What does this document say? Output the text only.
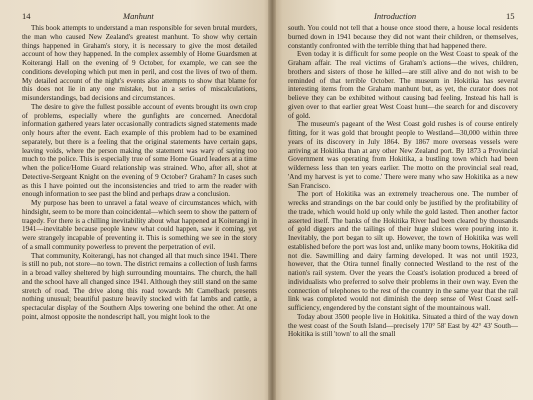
14	Manhunt

This book attempts to understand a man responsible for seven brutal murders, the man who caused New Zealand's greatest manhunt. To show why certain things happened in Graham's story, it is necessary to give the most detailed account of how they happened. In the complex assembly of Home Guardsmen at Koiterangi Hall on the evening of 9 October, for example, we can see the conditions developing which put men in peril, and cost the lives of two of them. My detailed account of the night's events also attempts to show that blame for this does not lie in any one mistake, but in a series of miscalculations, misunderstandings, bad decisions and circumstances.

The desire to give the fullest possible account of events brought its own crop of problems, especially where the gunfights are concerned. Anecdotal information gathered years later occasionally contradicts signed statements made only hours after the event. Each example of this problem had to be examined separately, but there is a feeling that the original statements have certain gaps, leaving voids, where the person making the statement was wary of saying too much to the police. This is especially true of some Home Guard leaders at a time when the police/Home Guard relationship was strained. Who, after all, shot at Detective-Sergeant Knight on the evening of 9 October? Graham? In cases such as this I have pointed out the inconsistencies and tried to arm the reader with enough information to see past the blind and perhaps draw a conclusion.

My purpose has been to unravel a fatal weave of circumstances which, with hindsight, seem to be more than coincidental—which seem to show the pattern of tragedy. For there is a chilling inevitability about what happened at Koiterangi in 1941—inevitable because people knew what could happen, saw it coming, yet were strangely incapable of preventing it. This is something we see in the story of a small community powerless to prevent the perpetration of evil.

That community, Koiterangi, has not changed all that much since 1941. There is still no pub, not store—no town. The district remains a collection of lush farms in a broad valley sheltered by high surrounding mountains. The church, the hall and the school have all changed since 1941. Although they still stand on the same stretch of road. The drive along this road towards Mt Camelback presents nothing unusual; beautiful pasture heavily stocked with fat lambs and cattle, a spectacular display of the Southern Alps towering one behind the other. At one point, almost opposite the nondescript hall, you might look to the

Introduction	15

south. You could not tell that a house once stood there, a house local residents burned down in 1941 because they did not want their children, or themselves, constantly confronted with the terrible thing that had happened there.

Even today it is difficult for some people on the West Coast to speak of the Graham affair. The real victims of Graham's actions—the wives, children, brothers and sisters of those he killed—are still alive and do not wish to be reminded of that terrible October. The museum in Hokitika has several interesting items from the Graham manhunt but, as yet, the curator does not believe they can be exhibited without causing bad feeling. Instead his hall is given over to that earlier great West Coast hunt—the search for and discovery of gold.

The museum's pageant of the West Coast gold rushes is of course entirely fitting, for it was gold that brought people to Westland—30,000 within three years of its discovery in July 1864. By 1867 more overseas vessels were arriving at Hokitika than at any other New Zealand port. By 1873 a Provincial Government was operating from Hokitika, a bustling town which had been wilderness less than ten years earlier. The motto on the provincial seal read, 'And my harvest is yet to come.' There were many who saw Hokitika as a new San Francisco.

The port of Hokitika was an extremely treacherous one. The number of wrecks and strandings on the bar could only be justified by the profitability of the trade, which would hold up only while the gold lasted. Then another factor asserted itself. The banks of the Hokitika River had been cleared by thousands of gold diggers and the tailings of their huge sluices were pouring into it. Inevitably, the port began to silt up. However, the town of Hokitika was well established before the port was lost and, unlike many boom towns, Hokitika did not die. Sawmilling and dairy farming developed. It was not until 1923, however, that the Otira tunnel finally connected Westland to the rest of the nation's rail system. Over the years the Coast's isolation produced a breed of individualists who preferred to solve their problems in their own way. Even the connection of telephones to the rest of the country in the same year that the rail link was completed would not diminish the deep sense of West Coast self-sufficiency, engendered by the constant sight of the mountainous wall.

Today about 3500 people live in Hokitika. Situated a third of the way down the west coast of the South Island—precisely 170° 58' East by 42° 43' South—Hokitika is still 'town' to all the small
